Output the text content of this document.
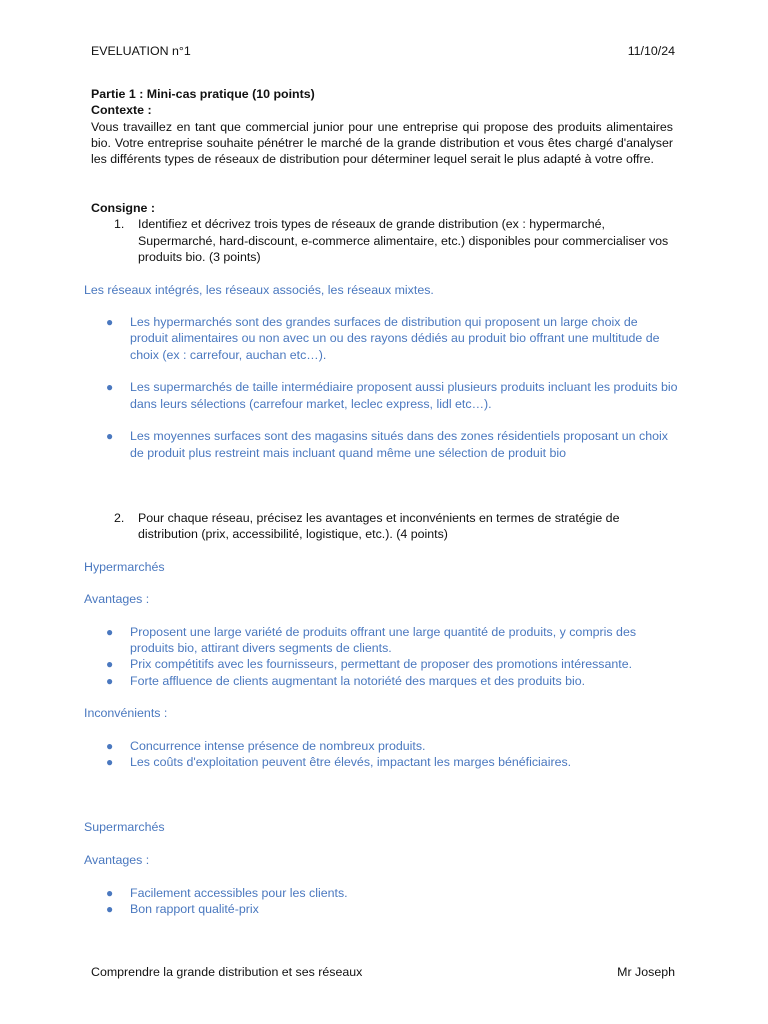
EVELUATION n°1	11/10/24
Partie 1 : Mini-cas pratique (10 points)
Contexte :
Vous travaillez en tant que commercial junior pour une entreprise qui propose des produits alimentaires bio. Votre entreprise souhaite pénétrer le marché de la grande distribution et vous êtes chargé d'analyser les différents types de réseaux de distribution pour déterminer lequel serait le plus adapté à votre offre.
Consigne :
1. Identifiez et décrivez trois types de réseaux de grande distribution (ex : hypermarché, Supermarché, hard-discount, e-commerce alimentaire, etc.) disponibles pour commercialiser vos produits bio. (3 points)
Les réseaux intégrés, les réseaux associés, les réseaux mixtes.
● Les hypermarchés sont des grandes surfaces de distribution qui proposent un large choix de produit alimentaires ou non avec un ou des rayons dédiés au produit bio offrant une multitude de choix (ex : carrefour, auchan etc…).
● Les supermarchés de taille intermédiaire proposent aussi plusieurs produits incluant les produits bio dans leurs sélections (carrefour market, leclec express, lidl etc…).
● Les moyennes surfaces sont des magasins situés dans des zones résidentiels proposant un choix de produit plus restreint mais incluant quand même une sélection de produit bio
2. Pour chaque réseau, précisez les avantages et inconvénients en termes de stratégie de distribution (prix, accessibilité, logistique, etc.). (4 points)
Hypermarchés
Avantages :
● Proposent une large variété de produits offrant une large quantité de produits, y compris des produits bio, attirant divers segments de clients.
● Prix compétitifs avec les fournisseurs, permettant de proposer des promotions intéressante.
● Forte affluence de clients augmentant la notoriété des marques et des produits bio.
Inconvénients :
● Concurrence intense présence de nombreux produits.
● Les coûts d'exploitation peuvent être élevés, impactant les marges bénéficiaires.
Supermarchés
Avantages :
● Facilement accessibles pour les clients.
● Bon rapport qualité-prix
Comprendre la grande distribution et ses réseaux	Mr Joseph
